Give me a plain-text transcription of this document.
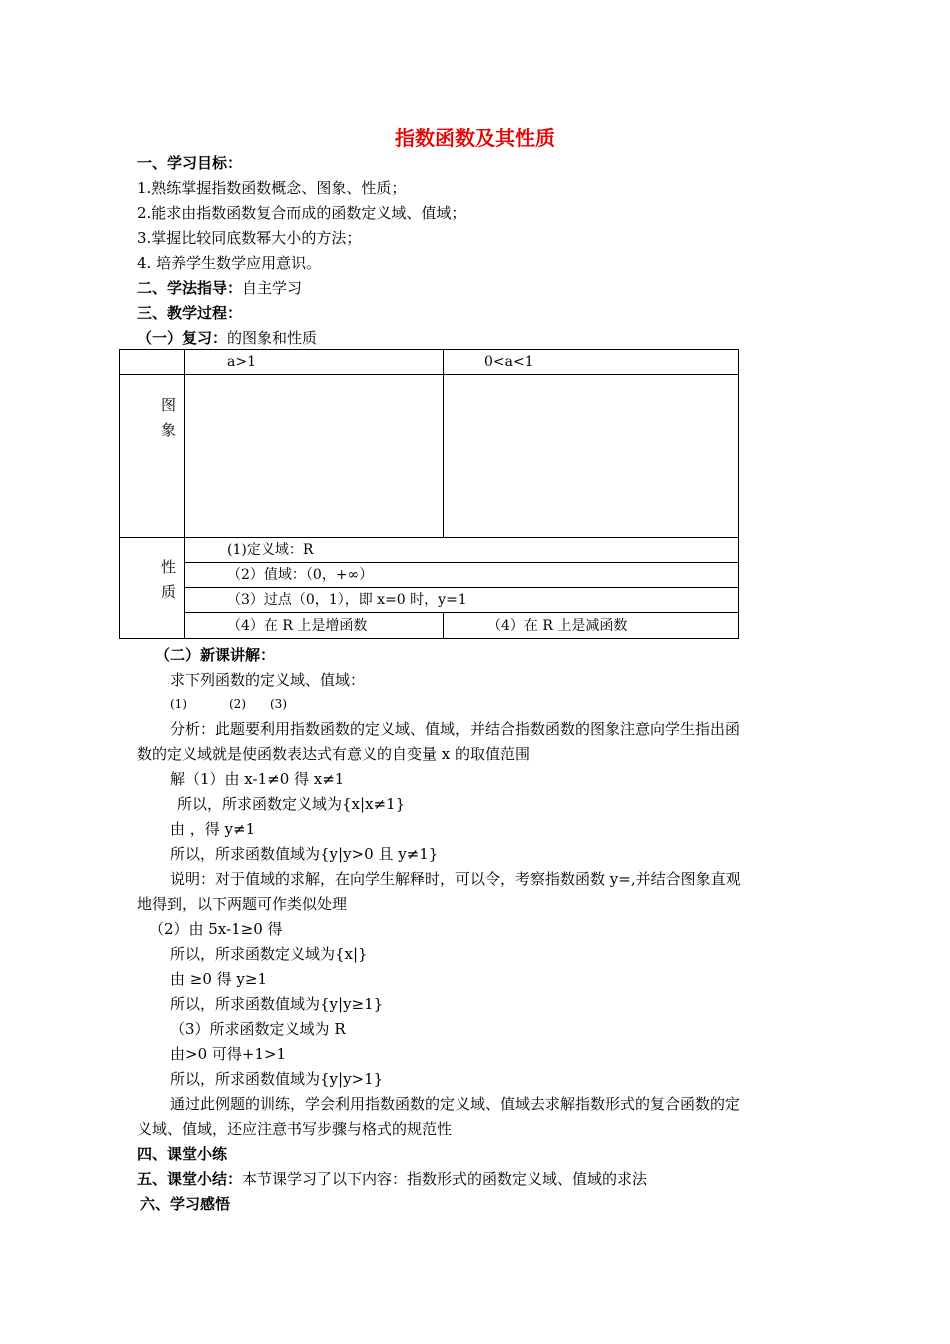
指数函数及其性质
一、学习目标：
1.熟练掌握指数函数概念、图象、性质；
2.能求由指数函数复合而成的函数定义域、值域；
3.掌握比较同底数幂大小的方法；
4. 培养学生数学应用意识。
二、学法指导：自主学习
三、教学过程：
（一）复习：的图象和性质
a>1	0<a<1
图
象
性
质
(1)定义域：R
（2）值域：（0，+∞）
（3）过点（0，1），即 x=0 时，y=1
（4）在 R 上是增函数	（4）在 R 上是减函数
（二）新课讲解：
求下列函数的定义域、值域：
(1)	(2) (3)
分析：此题要利用指数函数的定义域、值域，并结合指数函数的图象注意向学生指出函
数的定义域就是使函数表达式有意义的自变量 x 的取值范围
解（1）由 x-1≠0 得 x≠1
所以，所求函数定义域为{x|x≠1}
由 ，得 y≠1
所以，所求函数值域为{y|y>0 且 y≠1}
说明：对于值域的求解，在向学生解释时，可以令，考察指数函数 y=,并结合图象直观
地得到，以下两题可作类似处理
（2）由 5x-1≥0 得
所以，所求函数定义域为{x|}
由 ≥0 得 y≥1
所以，所求函数值域为{y|y≥1}
（3）所求函数定义域为 R
由>0 可得+1>1
所以，所求函数值域为{y|y>1}
通过此例题的训练，学会利用指数函数的定义域、值域去求解指数形式的复合函数的定
义域、值域，还应注意书写步骤与格式的规范性
四、课堂小练
五、课堂小结：本节课学习了以下内容：指数形式的函数定义域、值域的求法
六、学习感悟
